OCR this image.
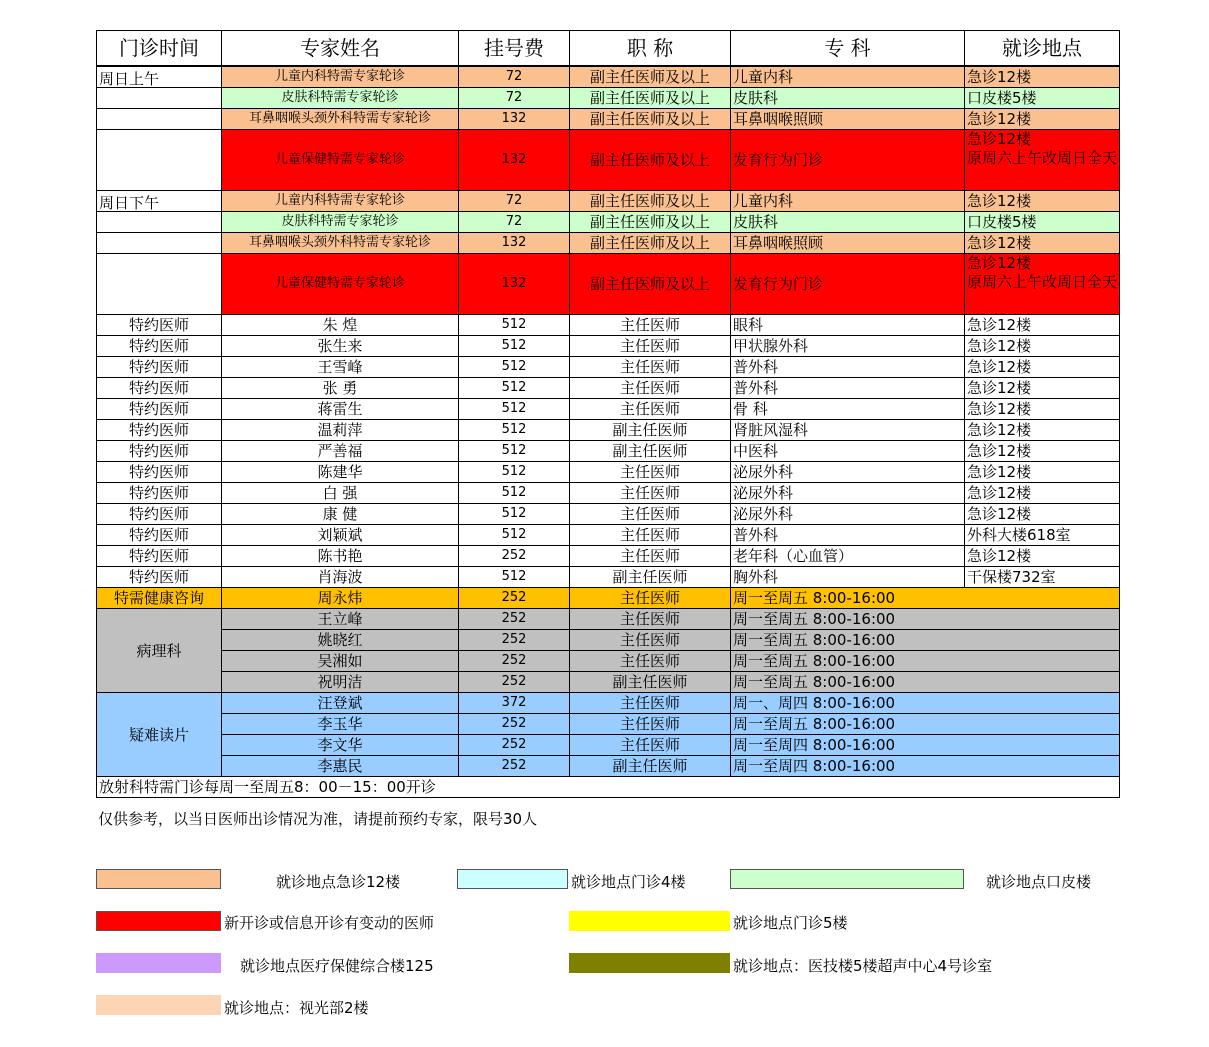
门诊时间	专家姓名	挂号费	职 称	专 科	就诊地点
周日上午	儿童内科特需专家轮诊	72	副主任医师及以上	儿童内科	急诊12楼
	皮肤科特需专家轮诊	72	副主任医师及以上	皮肤科	口皮楼5楼
	耳鼻咽喉头颈外科特需专家轮诊	132	副主任医师及以上	耳鼻咽喉照顾	急诊12楼
	儿童保健特需专家轮诊	132	副主任医师及以上	发育行为门诊	急诊12楼
原周六上午改周日全天
周日下午	儿童内科特需专家轮诊	72	副主任医师及以上	儿童内科	急诊12楼
	皮肤科特需专家轮诊	72	副主任医师及以上	皮肤科	口皮楼5楼
	耳鼻咽喉头颈外科特需专家轮诊	132	副主任医师及以上	耳鼻咽喉照顾	急诊12楼
	儿童保健特需专家轮诊	132	副主任医师及以上	发育行为门诊	急诊12楼
原周六上午改周日全天
特约医师	朱 煌	512	主任医师	眼科	急诊12楼
特约医师	张生来	512	主任医师	甲状腺外科	急诊12楼
特约医师	王雪峰	512	主任医师	普外科	急诊12楼
特约医师	张 勇	512	主任医师	普外科	急诊12楼
特约医师	蒋雷生	512	主任医师	骨 科	急诊12楼
特约医师	温莉萍	512	副主任医师	肾脏风湿科	急诊12楼
特约医师	严善福	512	副主任医师	中医科	急诊12楼
特约医师	陈建华	512	主任医师	泌尿外科	急诊12楼
特约医师	白 强	512	主任医师	泌尿外科	急诊12楼
特约医师	康 健	512	主任医师	泌尿外科	急诊12楼
特约医师	刘颖斌	512	主任医师	普外科	外科大楼618室
特约医师	陈书艳	252	主任医师	老年科（心血管）	急诊12楼
特约医师	肖海波	512	副主任医师	胸外科	干保楼732室
特需健康咨询	周永炜	252	主任医师	周一至周五 8:00-16:00	
病理科	王立峰	252	主任医师	周一至周五 8:00-16:00	
	姚晓红	252	主任医师	周一至周五 8:00-16:00	
	吴湘如	252	主任医师	周一至周五 8:00-16:00	
	祝明洁	252	副主任医师	周一至周五 8:00-16:00	
疑难读片	汪登斌	372	主任医师	周一、周四 8:00-16:00	
	李玉华	252	主任医师	周一至周五 8:00-16:00	
	李文华	252	主任医师	周一至周四 8:00-16:00	
	李惠民	252	副主任医师	周一至周四 8:00-16:00	
放射科特需门诊每周一至周五8：00－15：00开诊					
仅供参考，以当日医师出诊情况为准，请提前预约专家，限号30人
就诊地点急诊12楼	就诊地点门诊4楼	就诊地点口皮楼
新开诊或信息开诊有变动的医师	就诊地点门诊5楼
就诊地点医疗保健综合楼125	就诊地点：医技楼5楼超声中心4号诊室
就诊地点：视光部2楼
